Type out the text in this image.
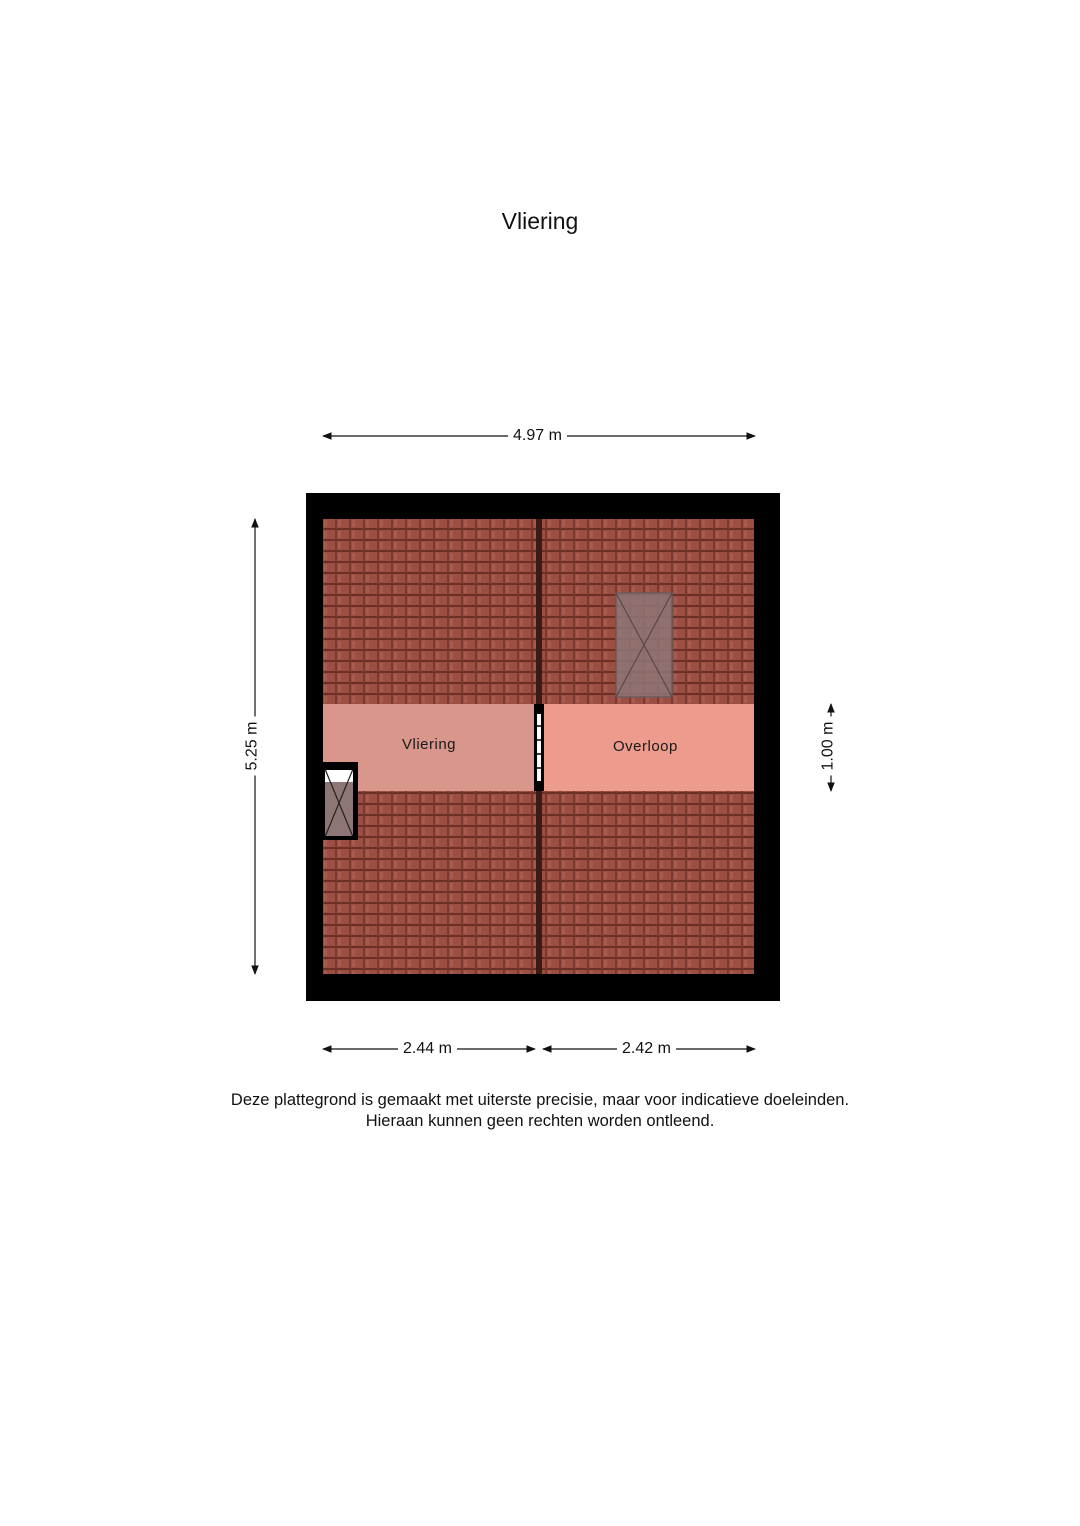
Vliering
4.97 m
2.44 m	2.42 m
5.25 m	1.00 m
Vliering	Overloop
Deze plattegrond is gemaakt met uiterste precisie, maar voor indicatieve doeleinden.
Hieraan kunnen geen rechten worden ontleend.
